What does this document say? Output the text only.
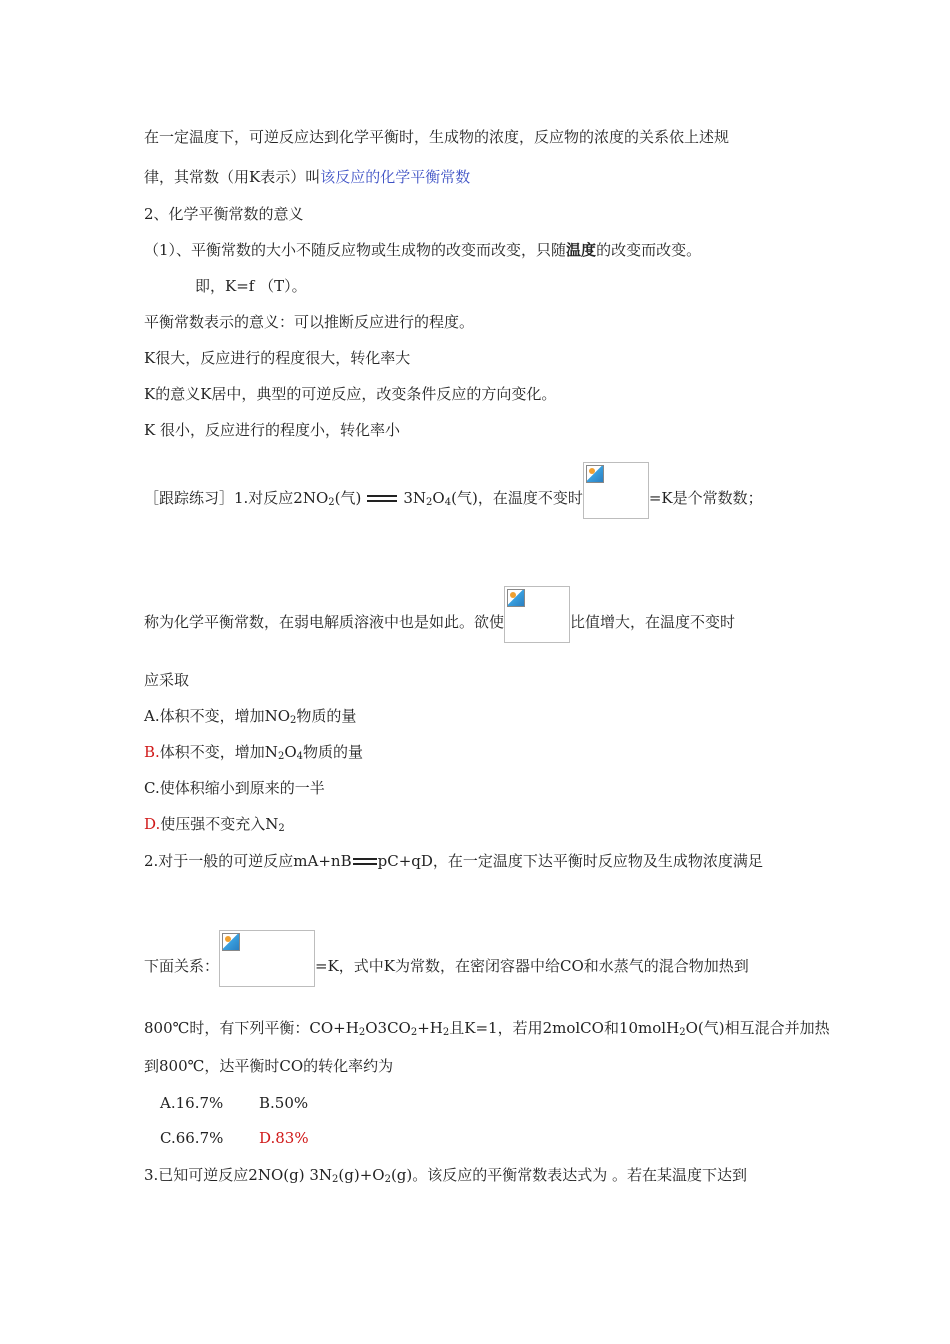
在一定温度下，可逆反应达到化学平衡时，生成物的浓度，反应物的浓度的关系依上述规
律，其常数（用K表示）叫该反应的化学平衡常数
2、化学平衡常数的意义
（1）、平衡常数的大小不随反应物或生成物的改变而改变，只随温度的改变而改变。
即，K=f （T）。
平衡常数表示的意义：可以推断反应进行的程度。
K很大，反应进行的程度很大，转化率大
K的意义K居中，典型的可逆反应，改变条件反应的方向变化。
K 很小，反应进行的程度小，转化率小
［跟踪练习］1.对反应$2NO_2$(气)	$3N_2O_4$(气)，在温度不变时	=K是个常数数；
称为化学平衡常数，在弱电解质溶液中也是如此。欲使	比值增大，在温度不变时
应采取
A.体积不变，增加$NO_2$物质的量
B.体积不变，增加$N_2O_4$物质的量
C.使体积缩小到原来的一半
D.使压强不变充入$N_2$
2.对于一般的可逆反应mA+nB pC+qD，在一定温度下达平衡时反应物及生成物浓度满足
下面关系：	=K，式中K为常数，在密闭容器中给CO和水蒸气的混合物加热到
800℃时，有下列平衡：$CO+H_2O3CO_2+H_2$且K=1，若用2molCO和10molH$_2$O(气)相互混合并加热
到800℃，达平衡时CO的转化率约为
A.16.7% B.50%
C.66.7% D.83%
3.已知可逆反应2NO(g) $3N_2(g)+O_2(g)$。该反应的平衡常数表达式为 。若在某温度下达到
